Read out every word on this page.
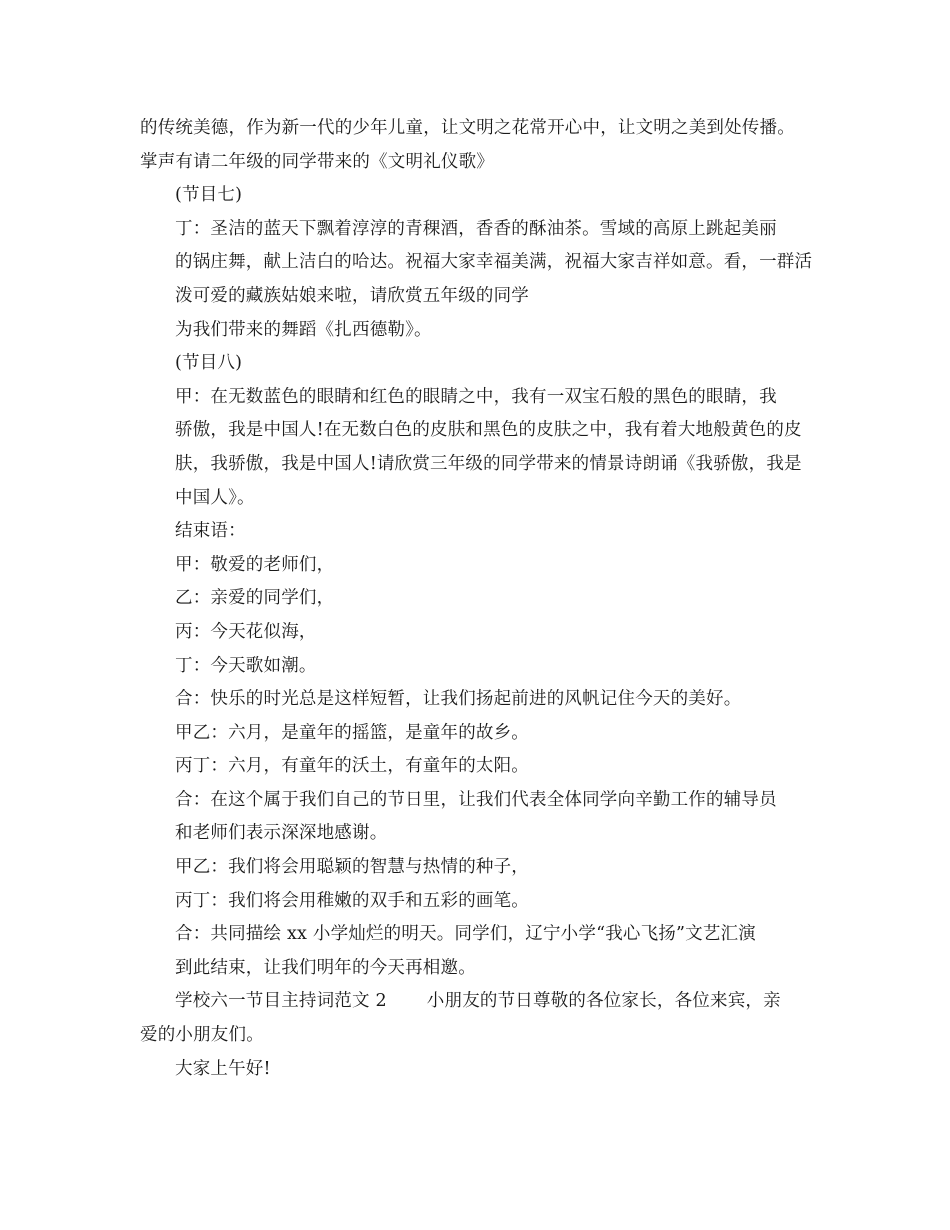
的传统美德，作为新一代的少年儿童，让文明之花常开心中，让文明之美到处传播。
掌声有请二年级的同学带来的《文明礼仪歌》

(节目七)

丁：圣洁的蓝天下飘着淳淳的青稞酒，香香的酥油茶。雪域的高原上跳起美丽
的锅庄舞，献上洁白的哈达。祝福大家幸福美满，祝福大家吉祥如意。看，一群活
泼可爱的藏族姑娘来啦，请欣赏五年级的同学

为我们带来的舞蹈《扎西德勒》。

(节目八)

甲：在无数蓝色的眼睛和红色的眼睛之中，我有一双宝石般的黑色的眼睛，我
骄傲，我是中国人!在无数白色的皮肤和黑色的皮肤之中，我有着大地般黄色的皮
肤，我骄傲，我是中国人!请欣赏三年级的同学带来的情景诗朗诵《我骄傲，我是
中国人》。

结束语：

甲：敬爱的老师们，

乙：亲爱的同学们，

丙：今天花似海，

丁：今天歌如潮。

合：快乐的时光总是这样短暂，让我们扬起前进的风帆记住今天的美好。

甲乙：六月，是童年的摇篮，是童年的故乡。

丙丁：六月，有童年的沃土，有童年的太阳。

合：在这个属于我们自己的节日里，让我们代表全体同学向辛勤工作的辅导员
和老师们表示深深地感谢。

甲乙：我们将会用聪颖的智慧与热情的种子，

丙丁：我们将会用稚嫩的双手和五彩的画笔。

合：共同描绘 xx 小学灿烂的明天。同学们，辽宁小学“我心飞扬”文艺汇演
到此结束，让我们明年的今天再相邀。

学校六一节目主持词范文 2 小朋友的节日尊敬的各位家长，各位来宾，亲
爱的小朋友们。

大家上午好!
